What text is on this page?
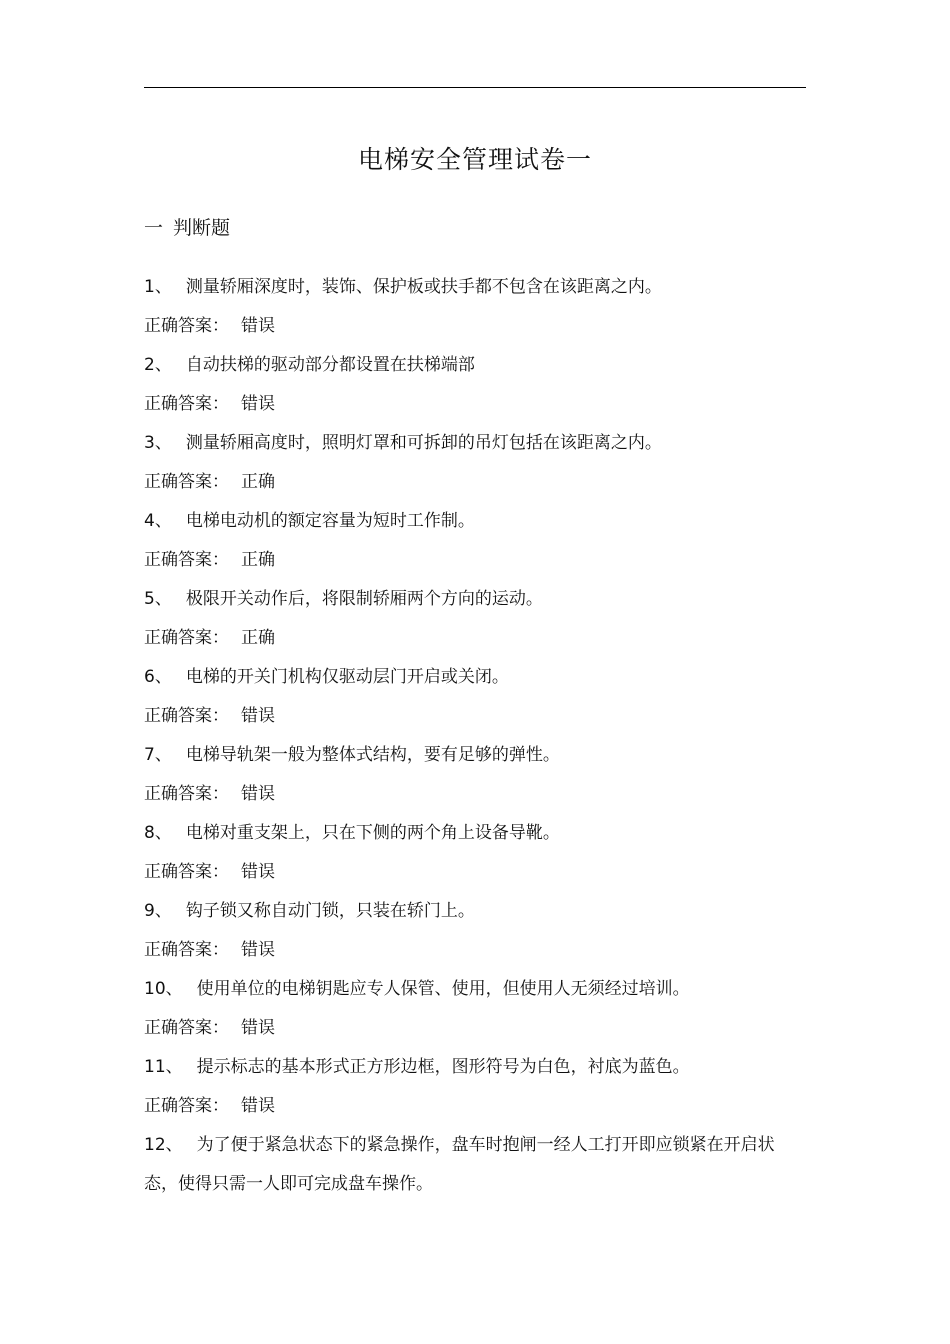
电梯安全管理试卷一
一 判断题

1、 测量轿厢深度时，装饰、保护板或扶手都不包含在该距离之内。

正确答案： 错误

2、 自动扶梯的驱动部分都设置在扶梯端部

正确答案： 错误

3、 测量轿厢高度时，照明灯罩和可拆卸的吊灯包括在该距离之内。

正确答案： 正确

4、 电梯电动机的额定容量为短时工作制。

正确答案： 正确

5、 极限开关动作后，将限制轿厢两个方向的运动。

正确答案： 正确

6、 电梯的开关门机构仅驱动层门开启或关闭。

正确答案： 错误

7、 电梯导轨架一般为整体式结构，要有足够的弹性。

正确答案： 错误

8、 电梯对重支架上，只在下侧的两个角上设备导靴。

正确答案： 错误

9、 钩子锁又称自动门锁，只装在轿门上。

正确答案： 错误

10、 使用单位的电梯钥匙应专人保管、使用，但使用人无须经过培训。

正确答案： 错误

11、 提示标志的基本形式正方形边框，图形符号为白色，衬底为蓝色。

正确答案： 错误

12、 为了便于紧急状态下的紧急操作，盘车时抱闸一经人工打开即应锁紧在开启状态，使得只需一人即可完成盘车操作。
